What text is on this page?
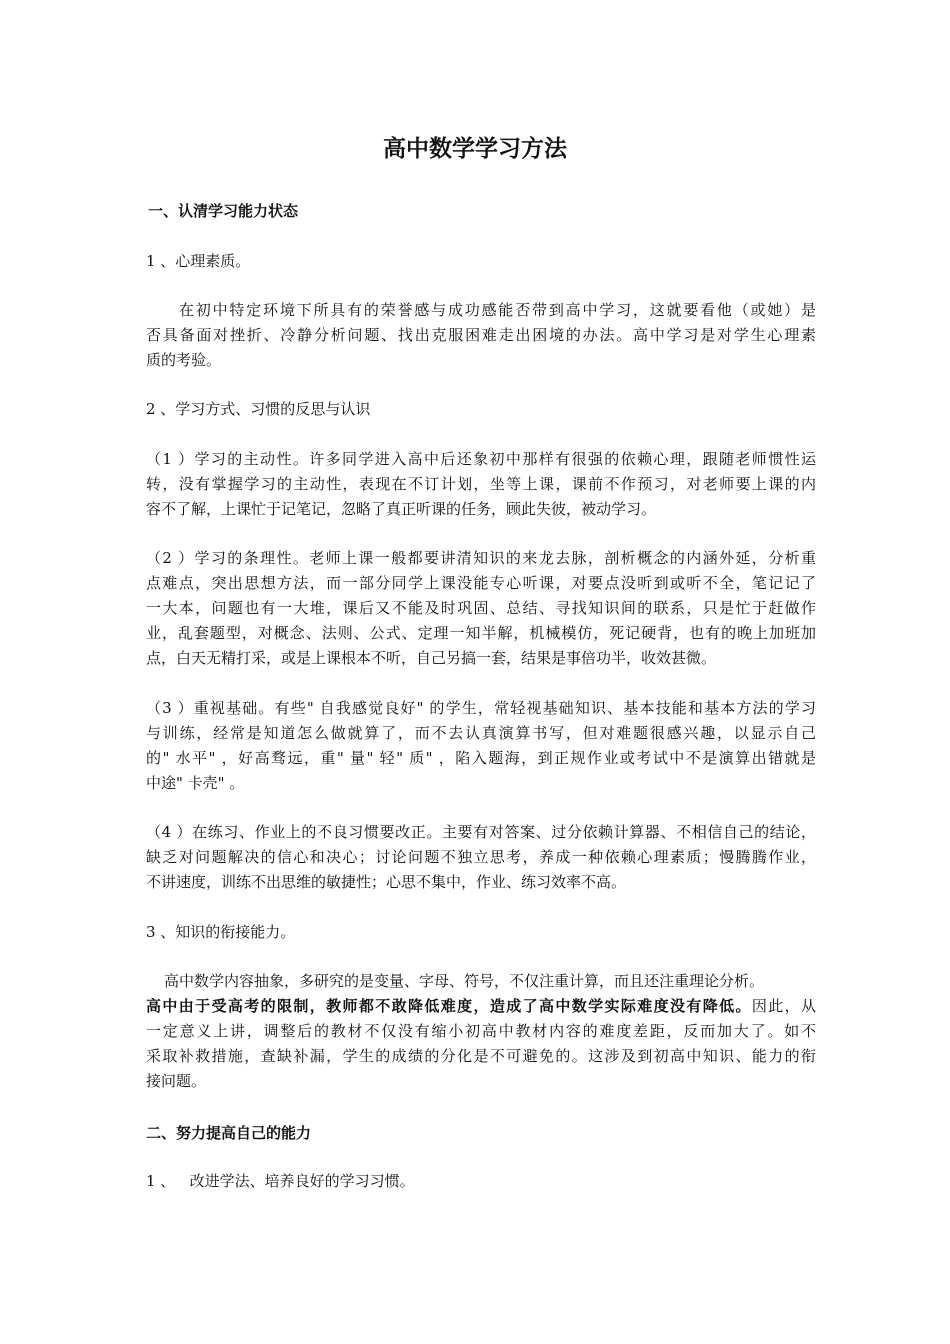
高中数学学习方法
一、认清学习能力状态

1 、心理素质。

在初中特定环境下所具有的荣誉感与成功感能否带到高中学习，这就要看他（或她）是
否具备面对挫折、冷静分析问题、找出克服困难走出困境的办法。高中学习是对学生心理素
质的考验。

2 、学习方式、习惯的反思与认识

（1 ）学习的主动性。许多同学进入高中后还象初中那样有很强的依赖心理，跟随老师惯性运
转，没有掌握学习的主动性，表现在不订计划，坐等上课，课前不作预习，对老师要上课的内
容不了解，上课忙于记笔记，忽略了真正听课的任务，顾此失彼，被动学习。
（2 ）学习的条理性。老师上课一般都要讲清知识的来龙去脉，剖析概念的内涵外延，分析重
点难点，突出思想方法，而一部分同学上课没能专心听课，对要点没听到或听不全，笔记记了
一大本，问题也有一大堆，课后又不能及时巩固、总结、寻找知识间的联系，只是忙于赶做作
业，乱套题型，对概念、法则、公式、定理一知半解，机械模仿，死记硬背，也有的晚上加班加
点，白天无精打采，或是上课根本不听，自己另搞一套，结果是事倍功半，收效甚微。
（3 ）重视基础。有些" 自我感觉良好" 的学生，常轻视基础知识、基本技能和基本方法的学习
与训练，经常是知道怎么做就算了，而不去认真演算书写，但对难题很感兴趣，以显示自己
的" 水平" ，好高骛远，重" 量" 轻" 质" ，陷入题海，到正规作业或考试中不是演算出错就是
中途" 卡壳" 。
（4 ）在练习、作业上的不良习惯要改正。主要有对答案、过分依赖计算器、不相信自己的结论，
缺乏对问题解决的信心和决心；讨论问题不独立思考，养成一种依赖心理素质；慢腾腾作业，
不讲速度，训练不出思维的敏捷性；心思不集中，作业、练习效率不高。

3 、知识的衔接能力。

高中数学内容抽象，多研究的是变量、字母、符号，不仅注重计算，而且还注重理论分析。
高中由于受高考的限制，教师都不敢降低难度，造成了高中数学实际难度没有降低。因此，从
一定意义上讲，调整后的教材不仅没有缩小初高中教材内容的难度差距，反而加大了。如不
采取补救措施，查缺补漏，学生的成绩的分化是不可避免的。这涉及到初高中知识、能力的衔
接问题。
二、努力提高自己的能力

1 、   改进学法、培养良好的学习习惯。
